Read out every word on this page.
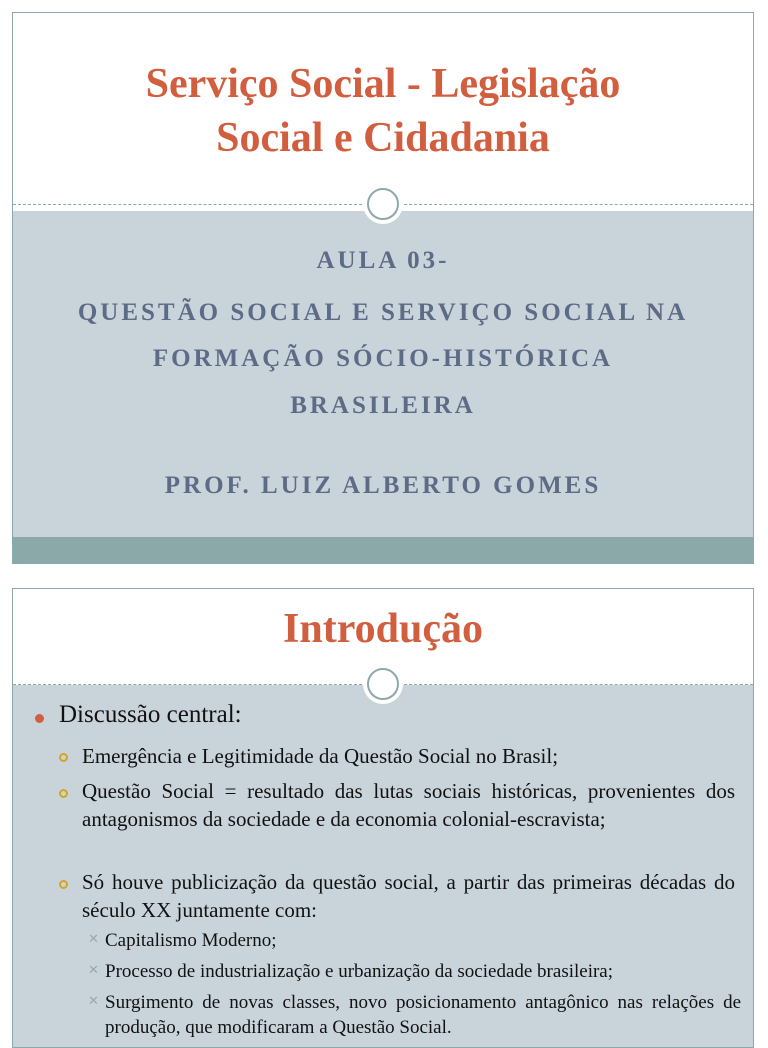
Serviço Social - Legislação
Social e Cidadania
AULA 03-
QUESTÃO SOCIAL E SERVIÇO SOCIAL NA
FORMAÇÃO SÓCIO-HISTÓRICA
BRASILEIRA
PROF. LUIZ ALBERTO GOMES
Introdução
Discussão central:
Emergência e Legitimidade da Questão Social no Brasil;
Questão Social = resultado das lutas sociais históricas, provenientes dos antagonismos da sociedade e da economia colonial-escravista;
Só houve publicização da questão social, a partir das primeiras décadas do século XX juntamente com:
✕ Capitalismo Moderno;
✕ Processo de industrialização e urbanização da sociedade brasileira;
✕ Surgimento de novas classes, novo posicionamento antagônico nas relações de produção, que modificaram a Questão Social.
